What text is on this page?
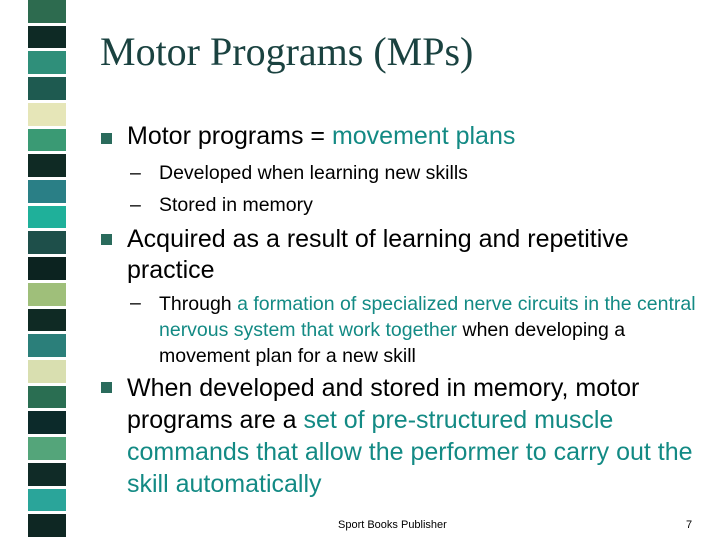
Motor Programs (MPs)
Motor programs = movement plans
– Developed when learning new skills
– Stored in memory
Acquired as a result of learning and repetitive practice
– Through a formation of specialized nerve circuits in the central nervous system that work together when developing a movement plan for a new skill
When developed and stored in memory, motor programs are a set of pre-structured muscle commands that allow the performer to carry out the skill automatically
Sport Books Publisher	7
